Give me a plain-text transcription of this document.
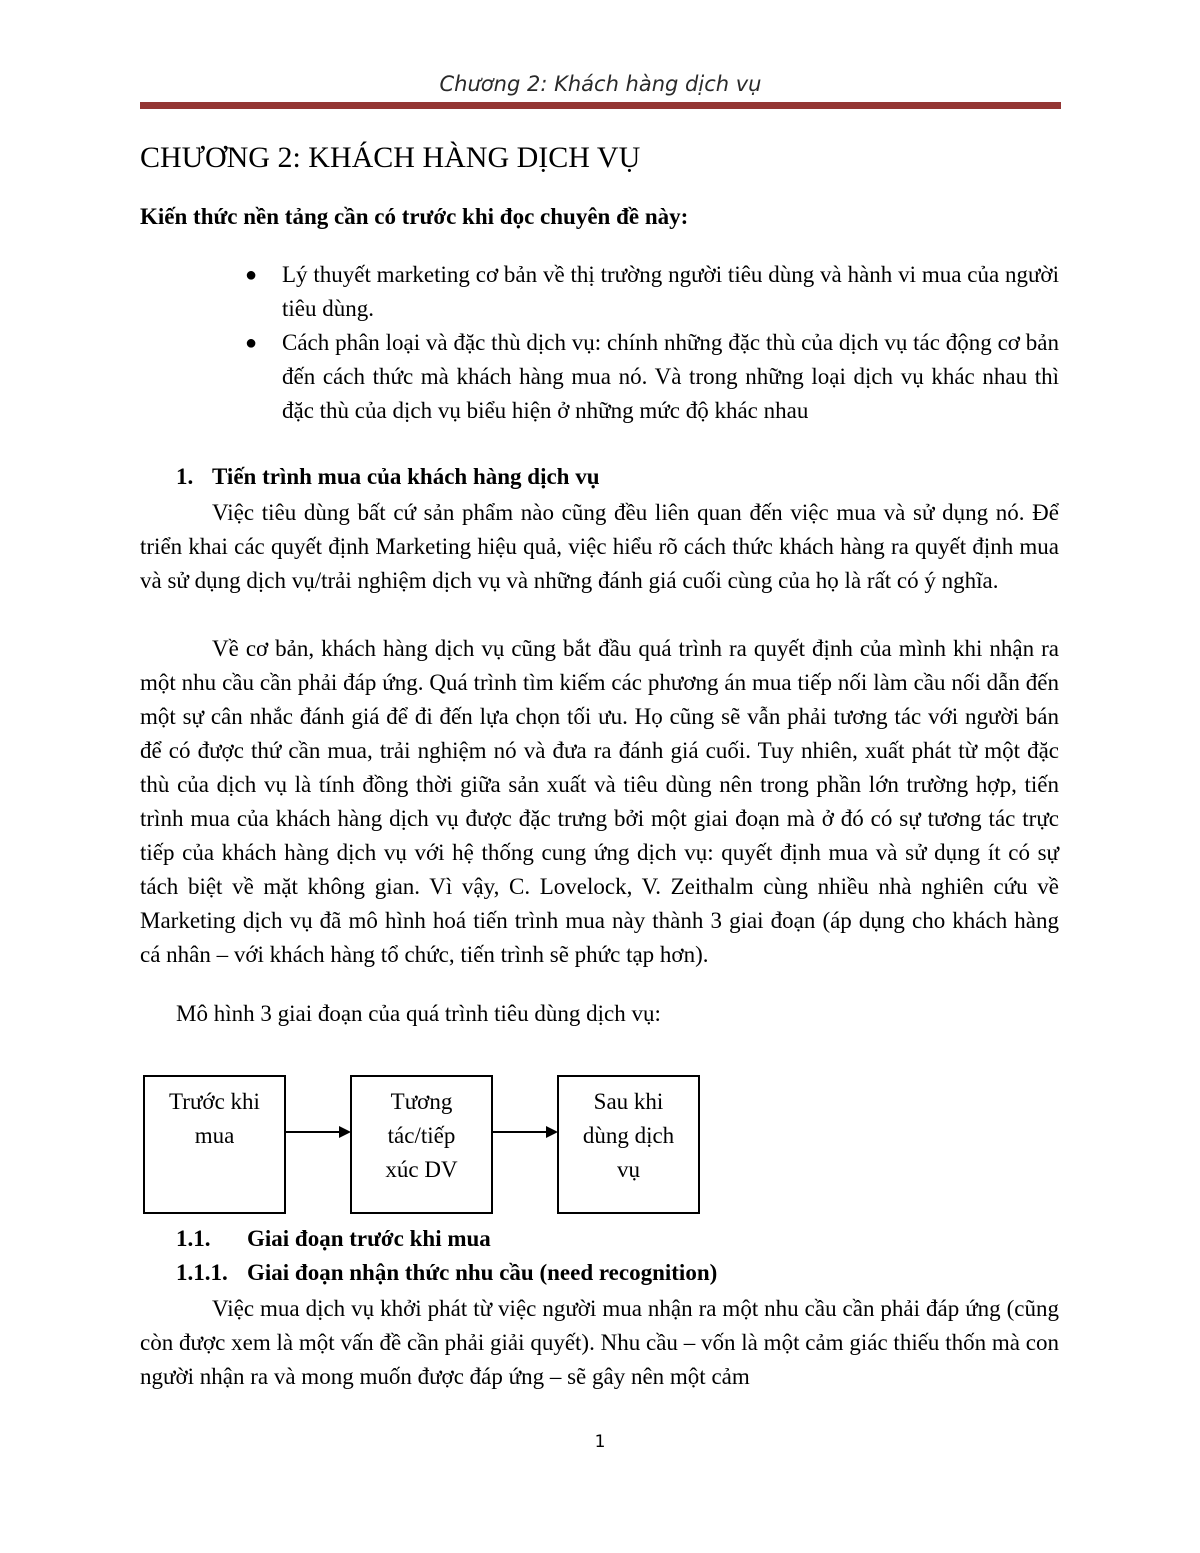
Chương 2: Khách hàng dịch vụ
CHƯƠNG 2: KHÁCH HÀNG DỊCH VỤ

Kiến thức nền tảng cần có trước khi đọc chuyên đề này:

● Lý thuyết marketing cơ bản về thị trường người tiêu dùng và hành vi mua của người tiêu dùng.
● Cách phân loại và đặc thù dịch vụ: chính những đặc thù của dịch vụ tác động cơ bản đến cách thức mà khách hàng mua nó. Và trong những loại dịch vụ khác nhau thì đặc thù của dịch vụ biểu hiện ở những mức độ khác nhau
1. Tiến trình mua của khách hàng dịch vụ

Việc tiêu dùng bất cứ sản phẩm nào cũng đều liên quan đến việc mua và sử dụng nó. Để triển khai các quyết định Marketing hiệu quả, việc hiểu rõ cách thức khách hàng ra quyết định mua và sử dụng dịch vụ/trải nghiệm dịch vụ và những đánh giá cuối cùng của họ là rất có ý nghĩa.

Về cơ bản, khách hàng dịch vụ cũng bắt đầu quá trình ra quyết định của mình khi nhận ra một nhu cầu cần phải đáp ứng. Quá trình tìm kiếm các phương án mua tiếp nối làm cầu nối dẫn đến một sự cân nhắc đánh giá để đi đến lựa chọn tối ưu. Họ cũng sẽ vẫn phải tương tác với người bán để có được thứ cần mua, trải nghiệm nó và đưa ra đánh giá cuối. Tuy nhiên, xuất phát từ một đặc thù của dịch vụ là tính đồng thời giữa sản xuất và tiêu dùng nên trong phần lớn trường hợp, tiến trình mua của khách hàng dịch vụ được đặc trưng bởi một giai đoạn mà ở đó có sự tương tác trực tiếp của khách hàng dịch vụ với hệ thống cung ứng dịch vụ: quyết định mua và sử dụng ít có sự tách biệt về mặt không gian. Vì vậy, C. Lovelock, V. Zeithalm cùng nhiều nhà nghiên cứu về Marketing dịch vụ đã mô hình hoá tiến trình mua này thành 3 giai đoạn (áp dụng cho khách hàng cá nhân – với khách hàng tổ chức, tiến trình sẽ phức tạp hơn).

Mô hình 3 giai đoạn của quá trình tiêu dùng dịch vụ:

Trước khi
mua
Tương
tác/tiếp
xúc DV
Sau khi
dùng dịch
vụ
1.1. Giai đoạn trước khi mua
1.1.1. Giai đoạn nhận thức nhu cầu (need recognition)

Việc mua dịch vụ khởi phát từ việc người mua nhận ra một nhu cầu cần phải đáp ứng (cũng còn được xem là một vấn đề cần phải giải quyết). Nhu cầu – vốn là một cảm giác thiếu thốn mà con người nhận ra và mong muốn được đáp ứng – sẽ gây nên một cảm

1
